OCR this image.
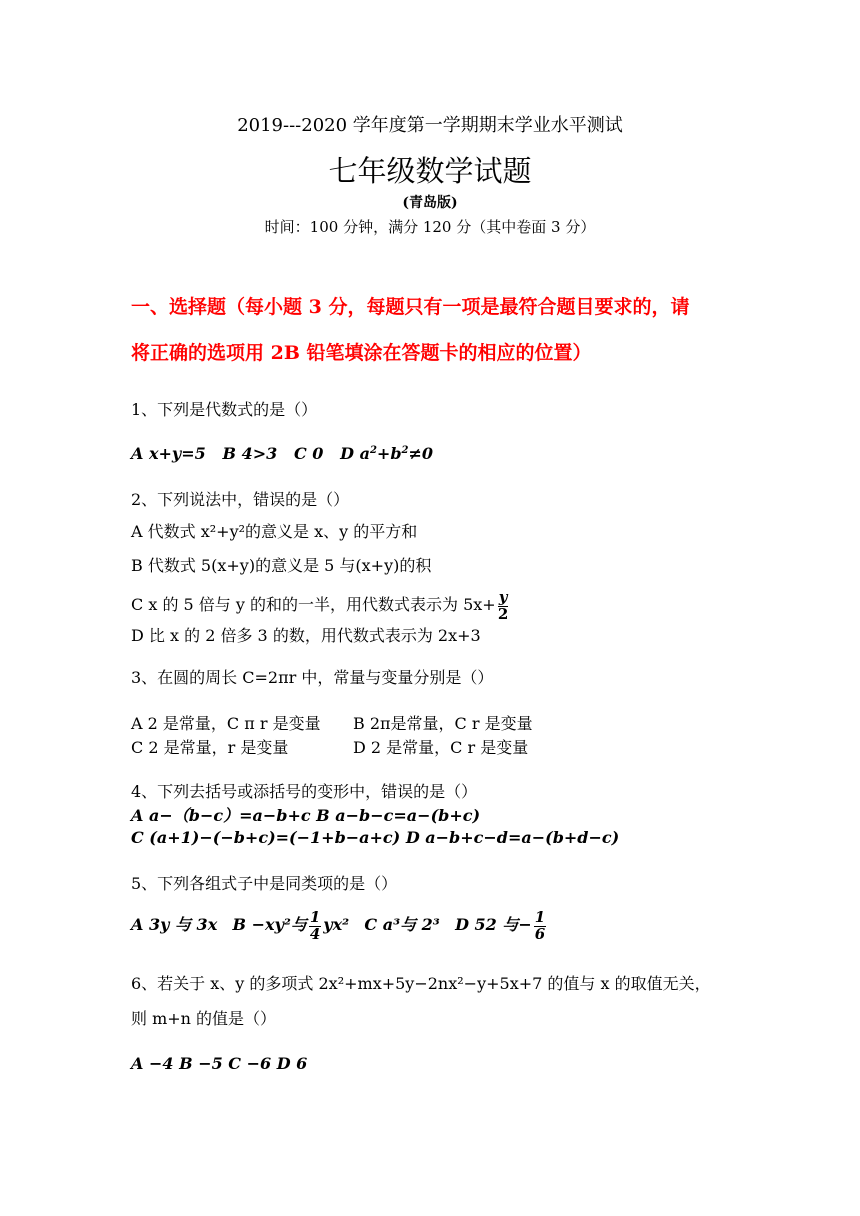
2019---2020 学年度第一学期期末学业水平测试
七年级数学试题
(青岛版)
时间：100 分钟，满分 120 分（其中卷面 3 分）
一、选择题（每小题 3 分，每题只有一项是最符合题目要求的，请
将正确的选项用 2B 铅笔填涂在答题卡的相应的位置）
1、下列是代数式的是（）
A x+y=5 B 4>3 C 0 D $a^2+b^2\ne 0$
2、下列说法中，错误的是（）
A 代数式 x²+y²的意义是 x、y 的平方和
B 代数式 5(x+y)的意义是 5 与(x+y)的积
C x 的 5 倍与 y 的和的一半，用代数式表示为 $5x+ \frac{y}{2}$
D 比 x 的 2 倍多 3 的数，用代数式表示为 2x+3
3、在圆的周长 C=2πr 中，常量与变量分别是（）
A 2 是常量，C π r 是变量 B 2π是常量，C r 是变量
C 2 是常量，r 是变量	D 2 是常量，C r 是变量
4、下列去括号或添括号的变形中，错误的是（）
A a−（b−c）=a−b+c B a−b−c=a−(b+c)
C (a+1)−(−b+c)=(−1+b−a+c) D a−b+c−d=a−(b+d−c)
5、下列各组式子中是同类项的是（）
A 3y 与 3x B −xy²与 $\frac{1}{4} yx^2$ C a³与 2³ D 52 与− $\frac{1}{6}$
6、若关于 x、y 的多项式 2x²+mx+5y−2nx²−y+5x+7 的值与 x 的取值无关，
则 m+n 的值是（）
A −4 B −5 C −6 D 6
